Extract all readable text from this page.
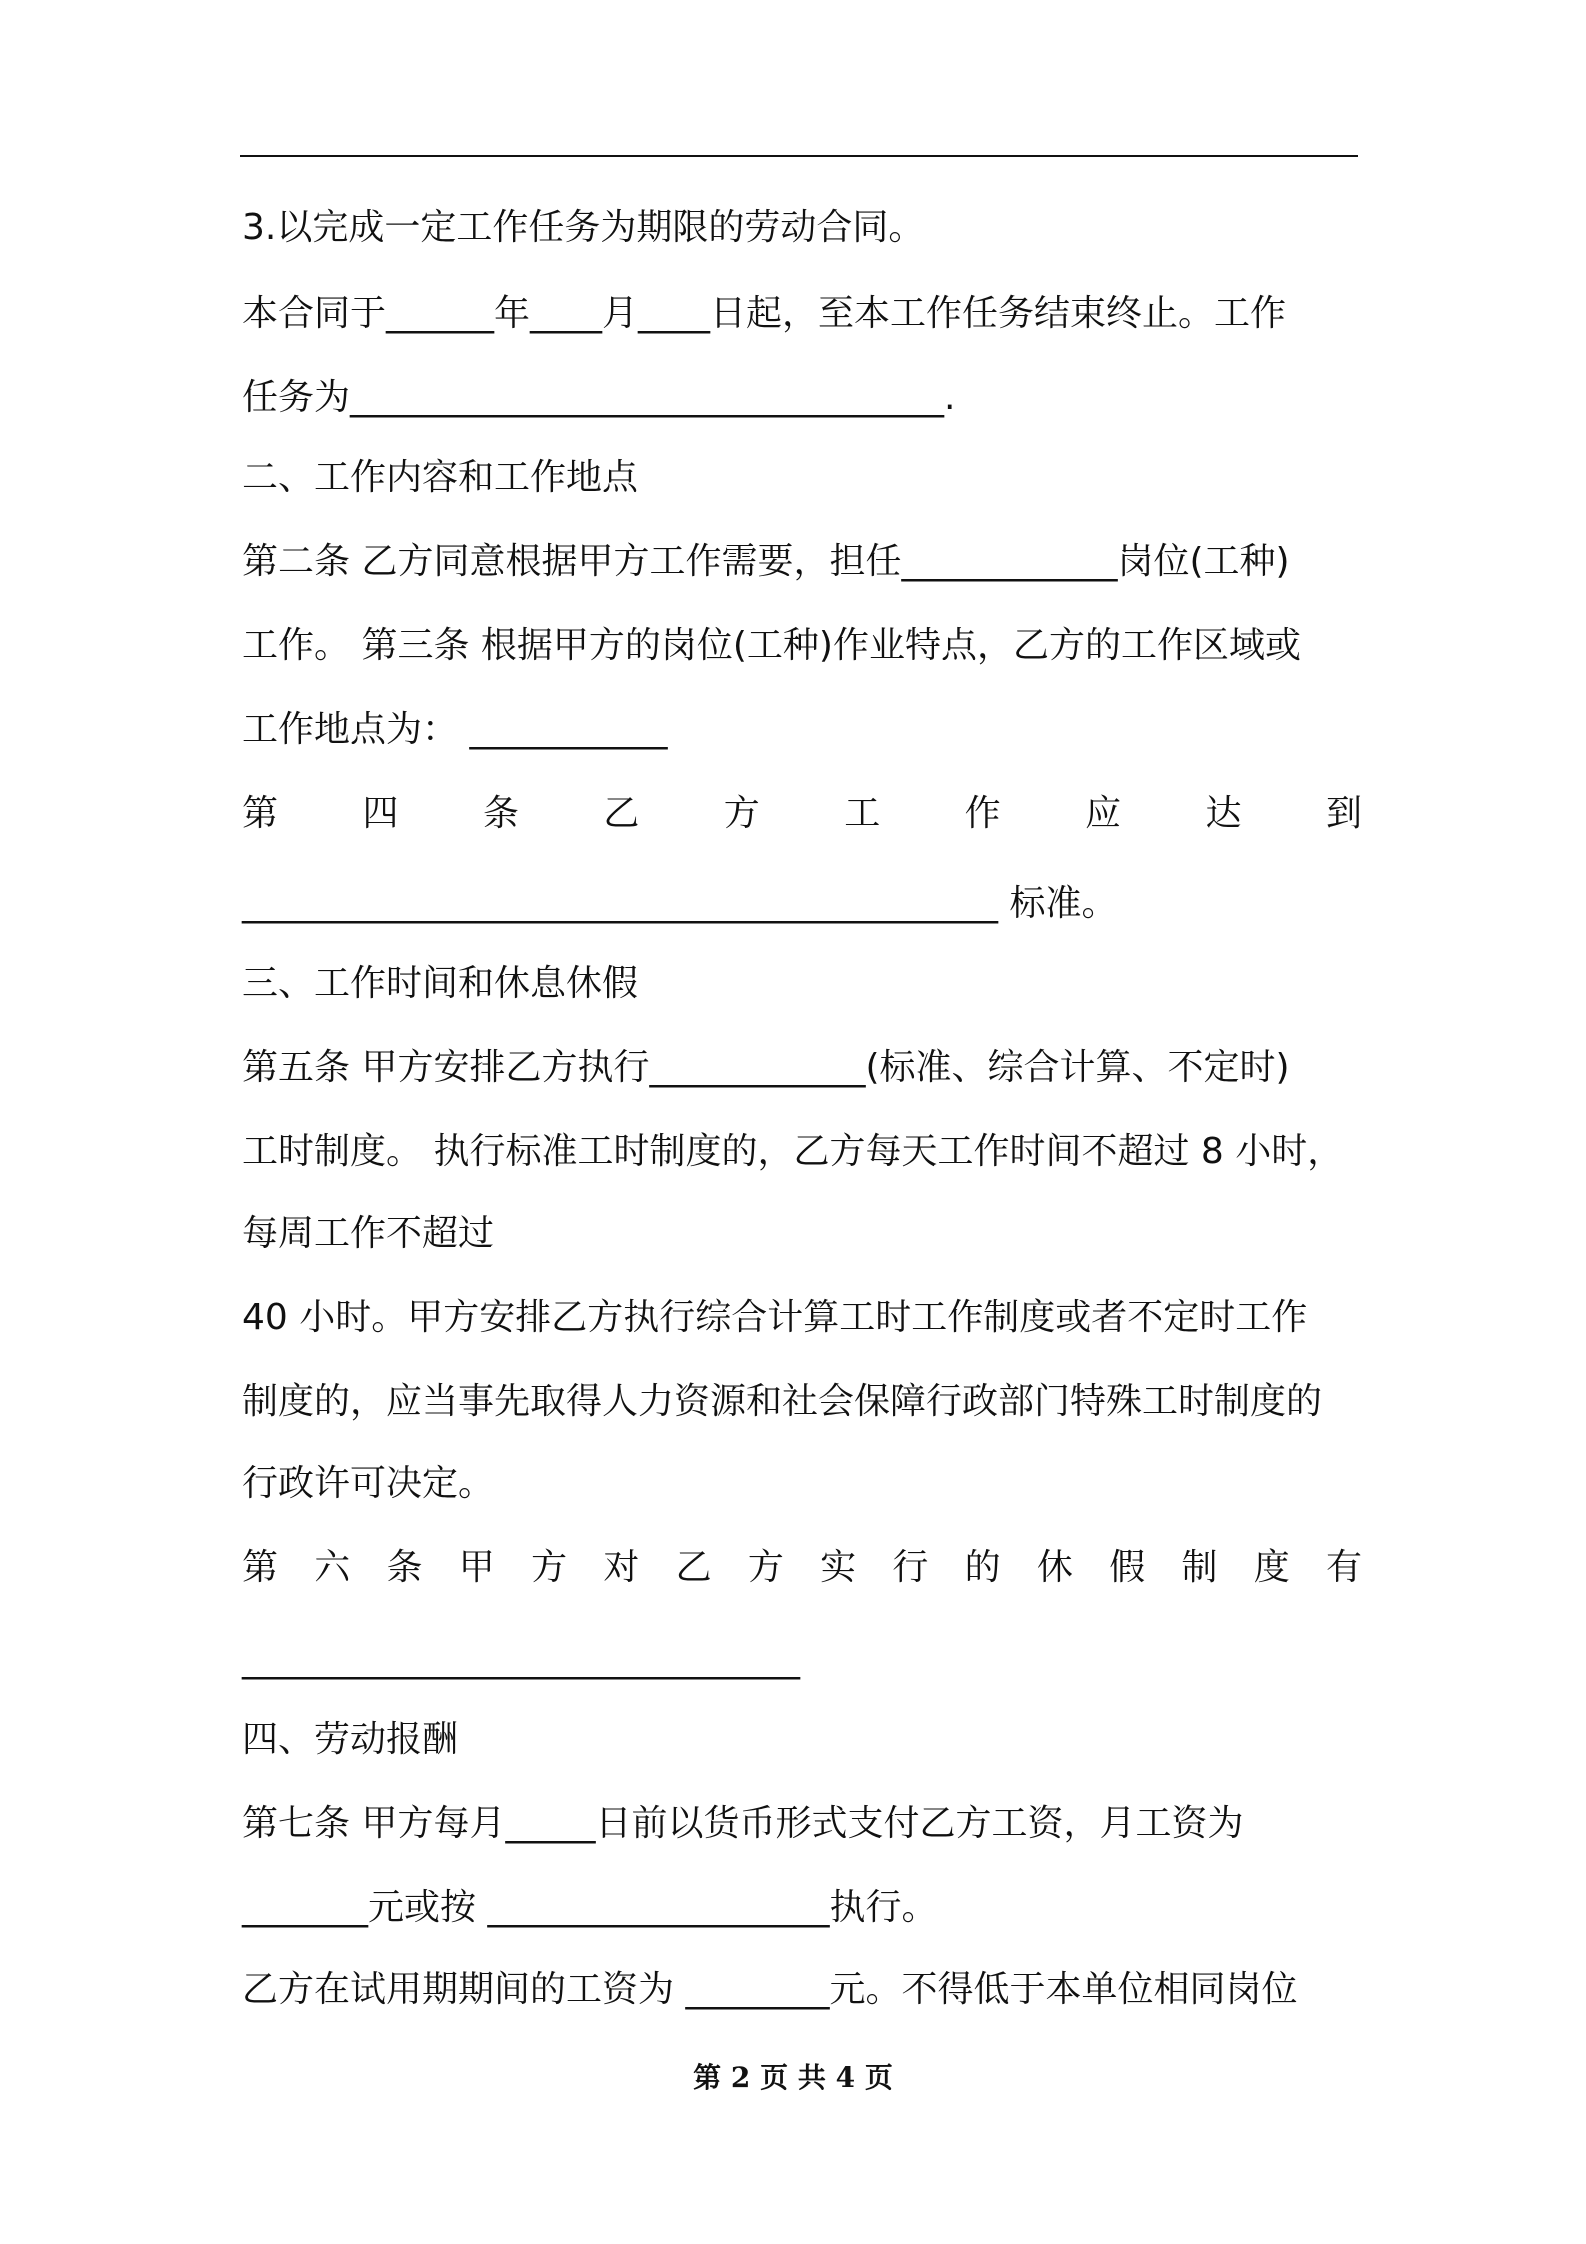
3.以完成一定工作任务为期限的劳动合同。
本合同于______年____月____日起，至本工作任务结束终止。工作
任务为_________________________________.
二、工作内容和工作地点
第二条 乙方同意根据甲方工作需要，担任____________岗位(工种)
工作。 第三条 根据甲方的岗位(工种)作业特点，乙方的工作区域或
工作地点为： ___________
第 四 条 乙 方 工 作 应 达 到
__________________________________________ 标准。
三、工作时间和休息休假
第五条 甲方安排乙方执行____________(标准、综合计算、不定时)
工时制度。 执行标准工时制度的，乙方每天工作时间不超过 8 小时，
每周工作不超过
40 小时。甲方安排乙方执行综合计算工时工作制度或者不定时工作
制度的，应当事先取得人力资源和社会保障行政部门特殊工时制度的
行政许可决定。
第 六 条 甲 方 对 乙 方 实 行 的 休 假 制 度 有
_______________________________
四、劳动报酬
第七条 甲方每月_____日前以货币形式支付乙方工资，月工资为
_______元或按 ___________________执行。
乙方在试用期期间的工资为 ________元。不得低于本单位相同岗位
第 2 页 共 4 页
